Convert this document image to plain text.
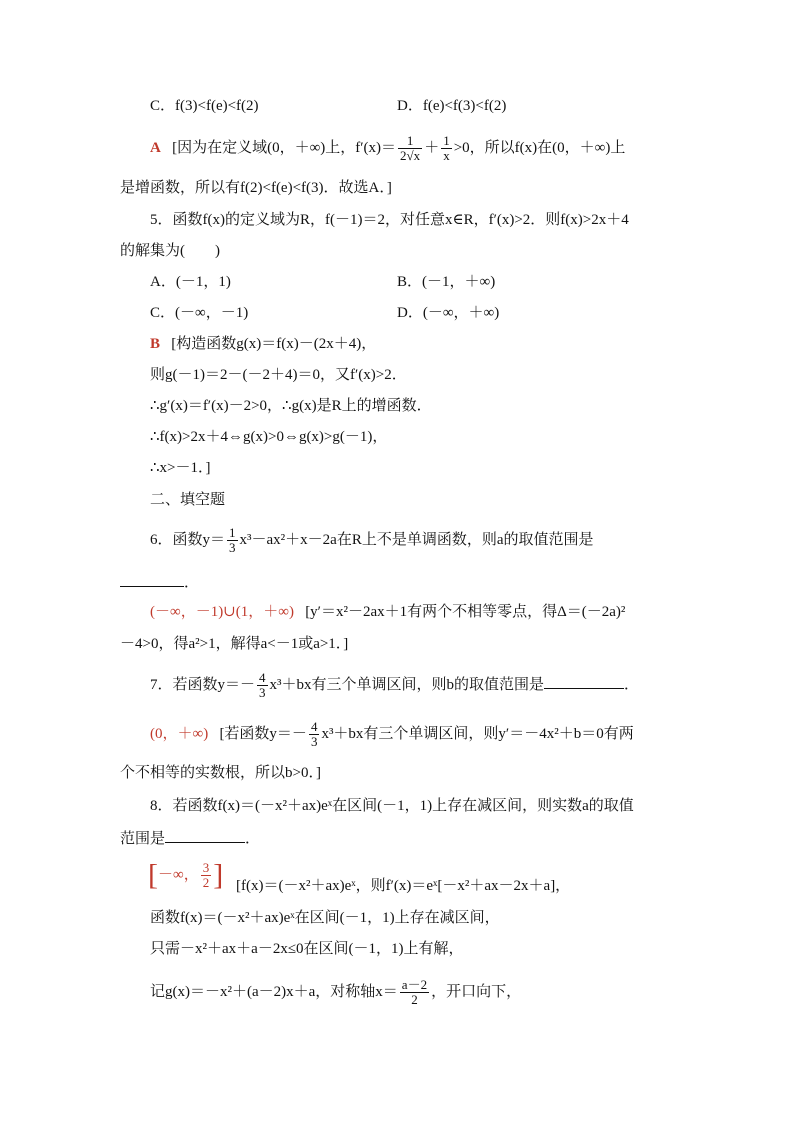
C．f(3)<f(e)<f(2)	D．f(e)<f(3)<f(2)
A [因为在定义域(0，＋∞)上，$f'(x)= \frac{1}{2√x} + \frac{1}{x} >0$，所以f(x)在(0，＋∞)上
是增函数，所以有f(2)<f(e)<f(3)．故选A．]
5．函数f(x)的定义域为R，f(－1)＝2，对任意x∈R，f′(x)>2．则f(x)>2x＋4
的解集为(　　)
A．(－1，1)	B．(－1，＋∞)
C．(－∞，－1)	D．(－∞，＋∞)
B [构造函数g(x)＝f(x)－(2x＋4)，
则g(－1)＝2－(－2＋4)＝0，又f′(x)>2．
∴g′(x)＝f′(x)－2>0，∴g(x)是R上的增函数．
∴f(x)>2x＋4⇔g(x)>0⇔g(x)>g(－1)，
∴x>－1．]
二、填空题
6．函数$y= \frac{1}{3} x^3-ax^2+x-2a$在R上不是单调函数，则a的取值范围是
．
(－∞，－1)∪(1，＋∞) [y′＝x²－2ax＋1有两个不相等零点，得Δ＝(－2a)²
－4>0，得a²>1，解得a<－1或a>1．]
7．若函数$y=- \frac{4}{3} x^3+bx$有三个单调区间，则b的取值范围是	．
(0，＋∞) [若函数$y=- \frac{4}{3} x^3+bx$有三个单调区间，则y′＝－4x²＋b＝0有两
个不相等的实数根，所以b>0．]
8．若函数f(x)＝(－x²＋ax)eˣ在区间(－1，1)上存在减区间，则实数a的取值
范围是	．
[－∞， $\frac{3}{2}$ ] [f(x)＝(－x²＋ax)eˣ，则f′(x)＝eˣ[－x²＋ax－2x＋a]，
函数f(x)＝(－x²＋ax)eˣ在区间(－1，1)上存在减区间，
只需－x²＋ax＋a－2x≤0在区间(－1，1)上有解，
记g(x)＝－x²＋(a－2)x＋a，对称轴$x= \frac{a-2}{2}$ ，开口向下，
